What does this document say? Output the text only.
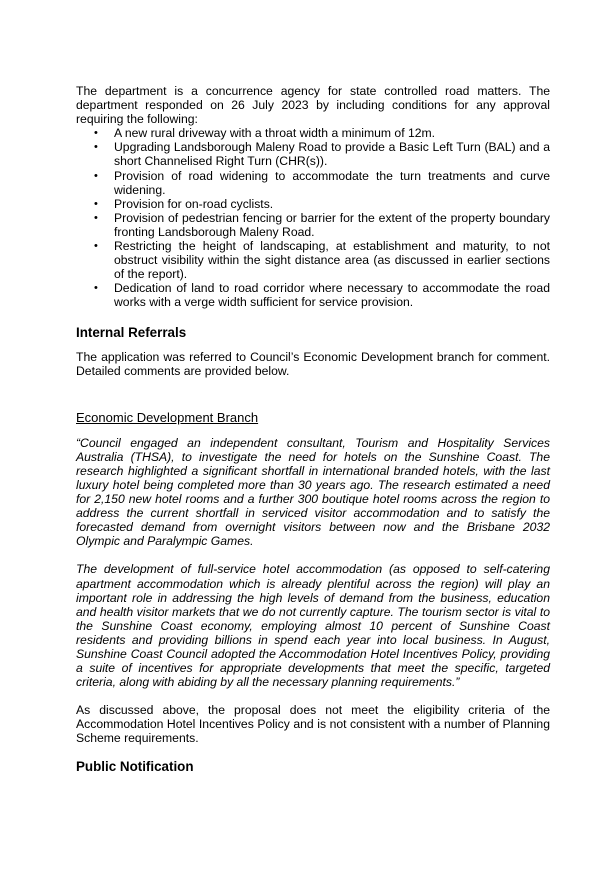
The department is a concurrence agency for state controlled road matters. The department responded on 26 July 2023 by including conditions for any approval requiring the following:

• A new rural driveway with a throat width a minimum of 12m.
• Upgrading Landsborough Maleny Road to provide a Basic Left Turn (BAL) and a short Channelised Right Turn (CHR(s)).
• Provision of road widening to accommodate the turn treatments and curve widening.
• Provision for on-road cyclists.
• Provision of pedestrian fencing or barrier for the extent of the property boundary fronting Landsborough Maleny Road.
• Restricting the height of landscaping, at establishment and maturity, to not obstruct visibility within the sight distance area (as discussed in earlier sections of the report).
• Dedication of land to road corridor where necessary to accommodate the road works with a verge width sufficient for service provision.
Internal Referrals

The application was referred to Council’s Economic Development branch for comment. Detailed comments are provided below.

Economic Development Branch

“Council engaged an independent consultant, Tourism and Hospitality Services Australia (THSA), to investigate the need for hotels on the Sunshine Coast. The research highlighted a significant shortfall in international branded hotels, with the last luxury hotel being completed more than 30 years ago. The research estimated a need for 2,150 new hotel rooms and a further 300 boutique hotel rooms across the region to address the current shortfall in serviced visitor accommodation and to satisfy the forecasted demand from overnight visitors between now and the Brisbane 2032 Olympic and Paralympic Games.

The development of full-service hotel accommodation (as opposed to self-catering apartment accommodation which is already plentiful across the region) will play an important role in addressing the high levels of demand from the business, education and health visitor markets that we do not currently capture. The tourism sector is vital to the Sunshine Coast economy, employing almost 10 percent of Sunshine Coast residents and providing billions in spend each year into local business. In August, Sunshine Coast Council adopted the Accommodation Hotel Incentives Policy, providing a suite of incentives for appropriate developments that meet the specific, targeted criteria, along with abiding by all the necessary planning requirements.”

As discussed above, the proposal does not meet the eligibility criteria of the Accommodation Hotel Incentives Policy and is not consistent with a number of Planning Scheme requirements.

Public Notification
